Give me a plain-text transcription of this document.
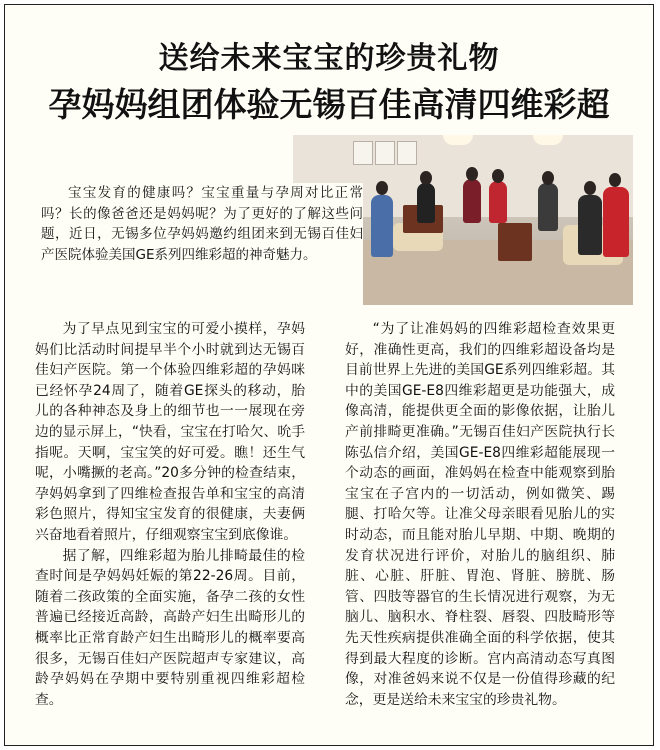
送给未来宝宝的珍贵礼物
孕妈妈组团体验无锡百佳高清四维彩超

宝宝发育的健康吗？宝宝重量与孕周对比正常吗？长的像爸爸还是妈妈呢？为了更好的了解这些问题，近日，无锡多位孕妈妈邀约组团来到无锡百佳妇产医院体验美国GE系列四维彩超的神奇魅力。

为了早点见到宝宝的可爱小摸样，孕妈妈们比活动时间提早半个小时就到达无锡百佳妇产医院。第一个体验四维彩超的孕妈咪已经怀孕24周了，随着GE探头的移动，胎儿的各种神态及身上的细节也一一展现在旁边的显示屏上，“快看，宝宝在打哈欠、吮手指呢。天啊，宝宝笑的好可爱。瞧！还生气呢，小嘴撅的老高。”20多分钟的检查结束，孕妈妈拿到了四维检查报告单和宝宝的高清彩色照片，得知宝宝发育的很健康，夫妻俩兴奋地看着照片，仔细观察宝宝到底像谁。

据了解，四维彩超为胎儿排畸最佳的检查时间是孕妈妈妊娠的第22-26周。目前，随着二孩政策的全面实施，备孕二孩的女性普遍已经接近高龄，高龄产妇生出畸形儿的概率比正常育龄产妇生出畸形儿的概率要高很多，无锡百佳妇产医院超声专家建议，高龄孕妈妈在孕期中要特别重视四维彩超检查。

“为了让准妈妈的四维彩超检查效果更好，准确性更高，我们的四维彩超设备均是目前世界上先进的美国GE系列四维彩超。其中的美国GE-E8四维彩超更是功能强大，成像高清，能提供更全面的影像依据，让胎儿产前排畸更准确。”无锡百佳妇产医院执行长陈弘信介绍，美国GE-E8四维彩超能展现一个动态的画面，准妈妈在检查中能观察到胎宝宝在子宫内的一切活动，例如微笑、踢腿、打哈欠等。让准父母亲眼看见胎儿的实时动态，而且能对胎儿早期、中期、晚期的发育状况进行评价，对胎儿的脑组织、肺脏、心脏、肝脏、胃泡、肾脏、膀胱、肠管、四肢等器官的生长情况进行观察，为无脑儿、脑积水、脊柱裂、唇裂、四肢畸形等先天性疾病提供准确全面的科学依据，使其得到最大程度的诊断。宫内高清动态写真图像，对准爸妈来说不仅是一份值得珍藏的纪念，更是送给未来宝宝的珍贵礼物。
